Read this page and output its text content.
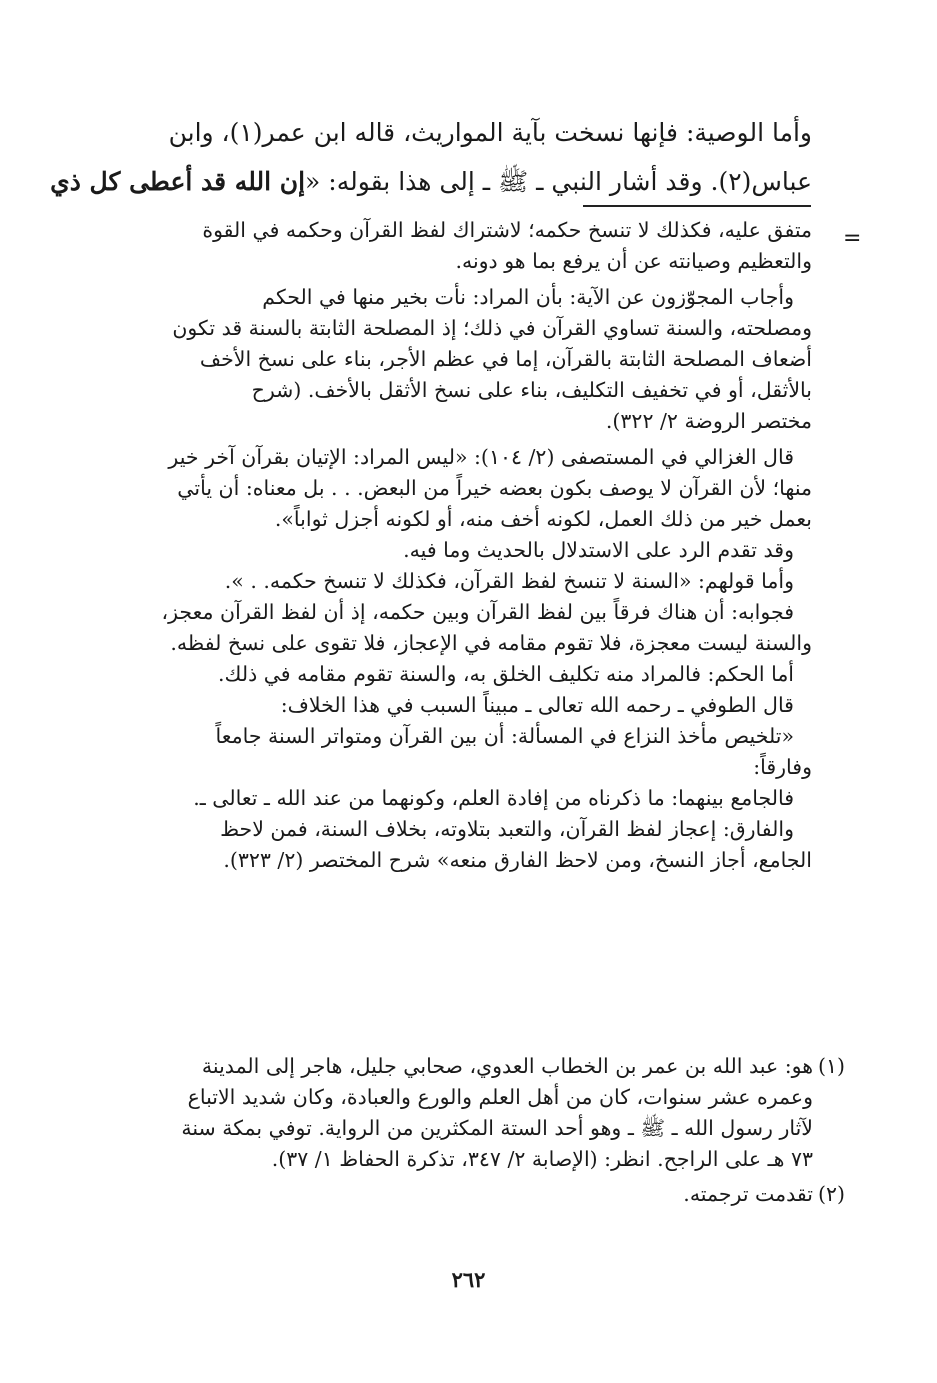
وأما الوصية: فإنها نسخت بآية المواريث، قاله ابن عمر(١)، وابن
عباس(٢). وقد أشار النبي ـ ﷺ ـ إلى هذا بقوله: «إن الله قد أعطى كل ذي
=

متفق عليه، فكذلك لا تنسخ حكمه؛ لاشتراك لفظ القرآن وحكمه في القوة

والتعظيم وصيانته عن أن يرفع بما هو دونه.

وأجاب المجوّزون عن الآية: بأن المراد: نأت بخير منها في الحكم

ومصلحته، والسنة تساوي القرآن في ذلك؛ إذ المصلحة الثابتة بالسنة قد تكون

أضعاف المصلحة الثابتة بالقرآن، إما في عظم الأجر، بناء على نسخ الأخف

بالأثقل، أو في تخفيف التكليف، بناء على نسخ الأثقل بالأخف. (شرح

مختصر الروضة ٢/ ٣٢٢).

قال الغزالي في المستصفى (٢/ ١٠٤): «ليس المراد: الإتيان بقرآن آخر خير

منها؛ لأن القرآن لا يوصف بكون بعضه خيراً من البعض. . . بل معناه: أن يأتي

بعمل خير من ذلك العمل، لكونه أخف منه، أو لكونه أجزل ثواباً».

وقد تقدم الرد على الاستدلال بالحديث وما فيه.

وأما قولهم: «السنة لا تنسخ لفظ القرآن، فكذلك لا تنسخ حكمه. . ».

فجوابه: أن هناك فرقاً بين لفظ القرآن وبين حكمه، إذ أن لفظ القرآن معجز،

والسنة ليست معجزة، فلا تقوم مقامه في الإعجاز، فلا تقوى على نسخ لفظه.

أما الحكم: فالمراد منه تكليف الخلق به، والسنة تقوم مقامه في ذلك.

قال الطوفي ـ رحمه الله تعالى ـ مبيناً السبب في هذا الخلاف:

«تلخيص مأخذ النزاع في المسألة: أن بين القرآن ومتواتر السنة جامعاً

وفارقاً:

فالجامع بينهما: ما ذكرناه من إفادة العلم، وكونهما من عند الله ـ تعالى ـ.

والفارق: إعجاز لفظ القرآن، والتعبد بتلاوته، بخلاف السنة، فمن لاحظ

الجامع، أجاز النسخ، ومن لاحظ الفارق منعه» شرح المختصر (٢/ ٣٢٣).

(١)

هو: عبد الله بن عمر بن الخطاب العدوي، صحابي جليل، هاجر إلى المدينة

وعمره عشر سنوات، كان من أهل العلم والورع والعبادة، وكان شديد الاتباع

لآثار رسول الله ـ ﷺ ـ وهو أحد الستة المكثرين من الرواية. توفي بمكة سنة

٧٣ هـ على الراجح. انظر: (الإصابة ٢/ ٣٤٧، تذكرة الحفاظ ١/ ٣٧).

(٢)

تقدمت ترجمته.

٢٦٢
